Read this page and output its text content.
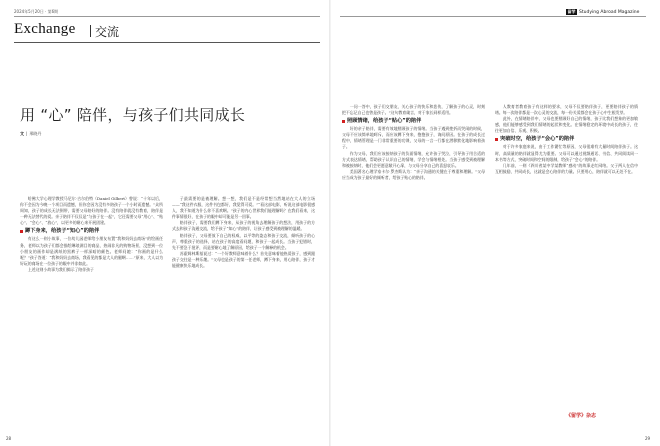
2024年5月20日 · 第6期	留学 Studying Abroad Magazine
Exchange 交流
用 “心” 陪伴，与孩子们共同成长
文 | 邢晓丹

哈佛大学心理学教授马尼尔·吉尔伯特（Daniel Gilbert）曾说：“十年以后，你不会因为今晚一个项目而遗憾，但你会因为没有多陪孩子一个小时而遗憾。”众所周知，孩子的成长无法倒带，需要父母陪好的陪伴。没有陪伴就没有教育，陪伴是一种无法替代的爱。亲子陪伴不仅仅是“与孩子在一起”，它还需要父母“用心”、“贴心”、“会心”、“放心”，以更多的耐心来开展团建。

蹲下身来，给孩子“知心”的陪伴

有这么一则小故事，一位幼儿园老师给小朋友布置“我和妈妈去商场”的绘画任务，老师以为孩子们都会描绘琳琅满目的商品，热闹非凡的购物场景，没想到一位小朋友的画作却是满纸的黑裤子一样深暗的颜色。老师问她：“你画的是什么呢？”孩子答道：“我和妈妈去商场，我看见的都是大人的腿啊……”原来，大人以为好玩的商场在一位孩子的眼中并非如此。

上述这则小故事为我们揭示了陪伴孩子

子最需要的是被理解。想一想，我们是不是经常想当然地站在大人的立场——“我这件衣服，这件书包都好，我觉得可爱。”“看这部电影，听说这部电影很感人，我不知道为什么你不喜欢啊。”孩子的内心世界我们能理解吗？在我们看来，这件事情很好，在孩子的眼中却可能是另一回事。

陪伴孩子，需要我们蹲下身来，从孩子的视角去理解孩子的想法，用孩子的方式去和孩子沟通交流，给予孩子“知心”的陪伴，让孩子感受到被理解的温暖。

陪伴孩子，父母要放下自己的权威，以平等的姿态和孩子交流，倾听孩子的心声，尊重孩子的选择，站在孩子的高度看问题，和孩子一起成长。当孩子犯错时，先不要急于批评，而是要耐心地了解原因，给孩子一个解释的机会。

苏霍姆林斯基说过：“一个好教师意味着什么？首先意味着他热爱孩子，感到跟孩子交往是一种乐趣。”父母也是孩子的第一任老师，蹲下身来，用心陪伴，孩子才能健康快乐地成长。

一问一答中，孩子们交朋友，关心孩子的快乐和悲伤，了解孩子的心灵，时刻把不忘记自己也曾是孩子。”这句教育箴言，对于家长同样适用。

照顾情绪，给孩子“贴心”的陪伴

好的亲子陪伴，需要有效地照顾孩子的情绪。当孩子遇到挫折而哭闹的时候，父母不应该简单地呵斥，而应该蹲下身来，抱抱孩子，询问原因。在孩子的成长过程中，情绪管理是一门非常重要的功课，父母的一言一行都在潜移默化地影响着孩子。

作为父母，我们应该接纳孩子的负面情绪，允许孩子哭泣，引导孩子用合适的方式表达情绪，帮助孩子认识自己的情绪，学会与情绪相处。当孩子感受到被理解和被接纳时，他们会更愿意敞开心扉，与父母分享自己的喜怒哀乐。

美国著名心理学家卡尔·罗杰斯认为：“亲子沟通的关键在于尊重和理解。”父母应当成为孩子最好的倾听者，给孩子贴心的陪伴。

人教育者教育孩子有这样的要求，父母不仅要陪伴孩子，更要陪伴孩子的情绪。每一次陪伴都是一次心灵的交流，每一份关爱都会在孩子心中生根发芽。

此外，在情绪陪伴中，父母也要照顾好自己的情绪，孩子比我们想象的更加敏感，他们能够感受到我们情绪的起伏和变化。在情绪稳定的环境中成长的孩子，往往更加自信、乐观、积极。

突破时空，给孩子“会心”的陪伴

对于许多家庭来说，由于工作繁忙等原因，父母很难有大量时间陪伴孩子。这时，高质量的陪伴就显得尤为重要。父母可以通过视频通话、书信、共同阅读同一本书等方式，突破时间和空间的限制，给孩子“会心”的陪伴。

几年前，一则《四川省某中学某教师“感动”的故事走红网络。父子两人在信中互相鼓励，共同成长，这就是会心陪伴的力量。只要用心，陪伴就可以无处不在。

28	29
《留学》杂志
